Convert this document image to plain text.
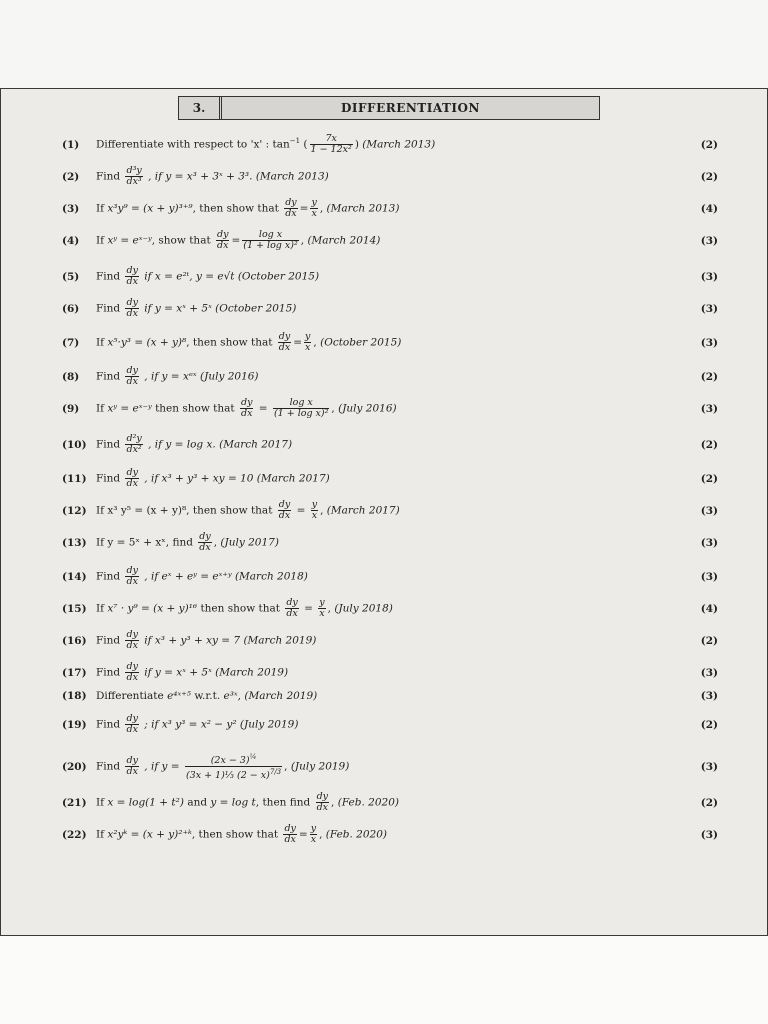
3.	DIFFERENTIATION
(1)	Differentiate with respect to 'x' : $\tan^{-1}$ ( $\frac{7x}{\text{1 − 12x²}}$ ) (March 2013)	(2)
(2)	Find $\frac{\text{d³y}}{\text{dx³}}$ , if y = x³ + 3ˣ + 3³. (March 2013)	(2)
(3)	If x³y⁹ = (x + y)³⁺⁹, then show that $\frac{dy}{dx} = \frac{y}{x}$ , (March 2013)	(4)
(4)	If xʸ = eˣ⁻ʸ, show that $\frac{dy}{dx} = \frac{\text{log x}}{\text{(1 + log x)²}}$ , (March 2014)	(3)
(5)	Find $\frac{dy}{dx}$ if x = e²ᵗ, y = e√t (October 2015)	(3)
(6)	Find $\frac{dy}{dx}$ if y = xˣ + 5ˣ (October 2015)	(3)
(7)	If x⁵·y³ = (x + y)⁸, then show that $\frac{dy}{dx} = \frac{y}{x}$ , (October 2015)	(3)
(8)	Find $\frac{dy}{dx}$ , if y = xᵉˣ (July 2016)	(2)
(9)	If xʸ = eˣ⁻ʸ then show that $\frac{dy}{dx} = \frac{\text{log x}}{\text{(1 + log x)²}}$ , (July 2016)	(3)
(10) Find $\frac{\text{d²y}}{\text{dx²}}$ , if y = log x. (March 2017)	(2)
(11) Find $\frac{dy}{dx}$ , if x³ + y³ + xy = 10 (March 2017)	(2)
(12) If x³ y⁵ = (x + y)⁸, then show that $\frac{dy}{dx} = \frac{y}{x}$ , (March 2017)	(3)
(13) If y = 5ˣ + xˣ, find $\frac{dy}{dx}$ , (July 2017)	(3)
(14) Find $\frac{dy}{dx}$ , if eˣ + eʸ = eˣ⁺ʸ (March 2018)	(3)
(15) If x⁷ · y⁹ = (x + y)¹⁶ then show that $\frac{dy}{dx} = \frac{y}{x}$ , (July 2018)	(4)
(16) Find $\frac{dy}{dx}$ if x³ + y³ + xy = 7 (March 2019)	(2)
(17) Find $\frac{dy}{dx}$ if y = xˣ + 5ˣ (March 2019)	(3)
(18) Differentiate e⁴ˣ⁺⁵ w.r.t. e³ˣ, (March 2019)	(3)
(19) Find $\frac{dy}{dx}$ ; if x³ y³ = x² − y² (July 2019)	(2)
(20) Find $\frac{dy}{dx}$ , if $y = \frac{(2x - 3)^{\frac{1}{4}}}{(3x + 1)\frac{1}{3} (2 - x)^{7/3}}$ , (July 2019)	(3)
(21) If x = log(1 + t²) and y = log t, then find $\frac{dy}{dx}$ , (Feb. 2020)	(2)
(22) If x²yᵏ = (x + y)²⁺ᵏ, then show that $\frac{dy}{dx} = \frac{y}{x}$ , (Feb. 2020)	(3)
